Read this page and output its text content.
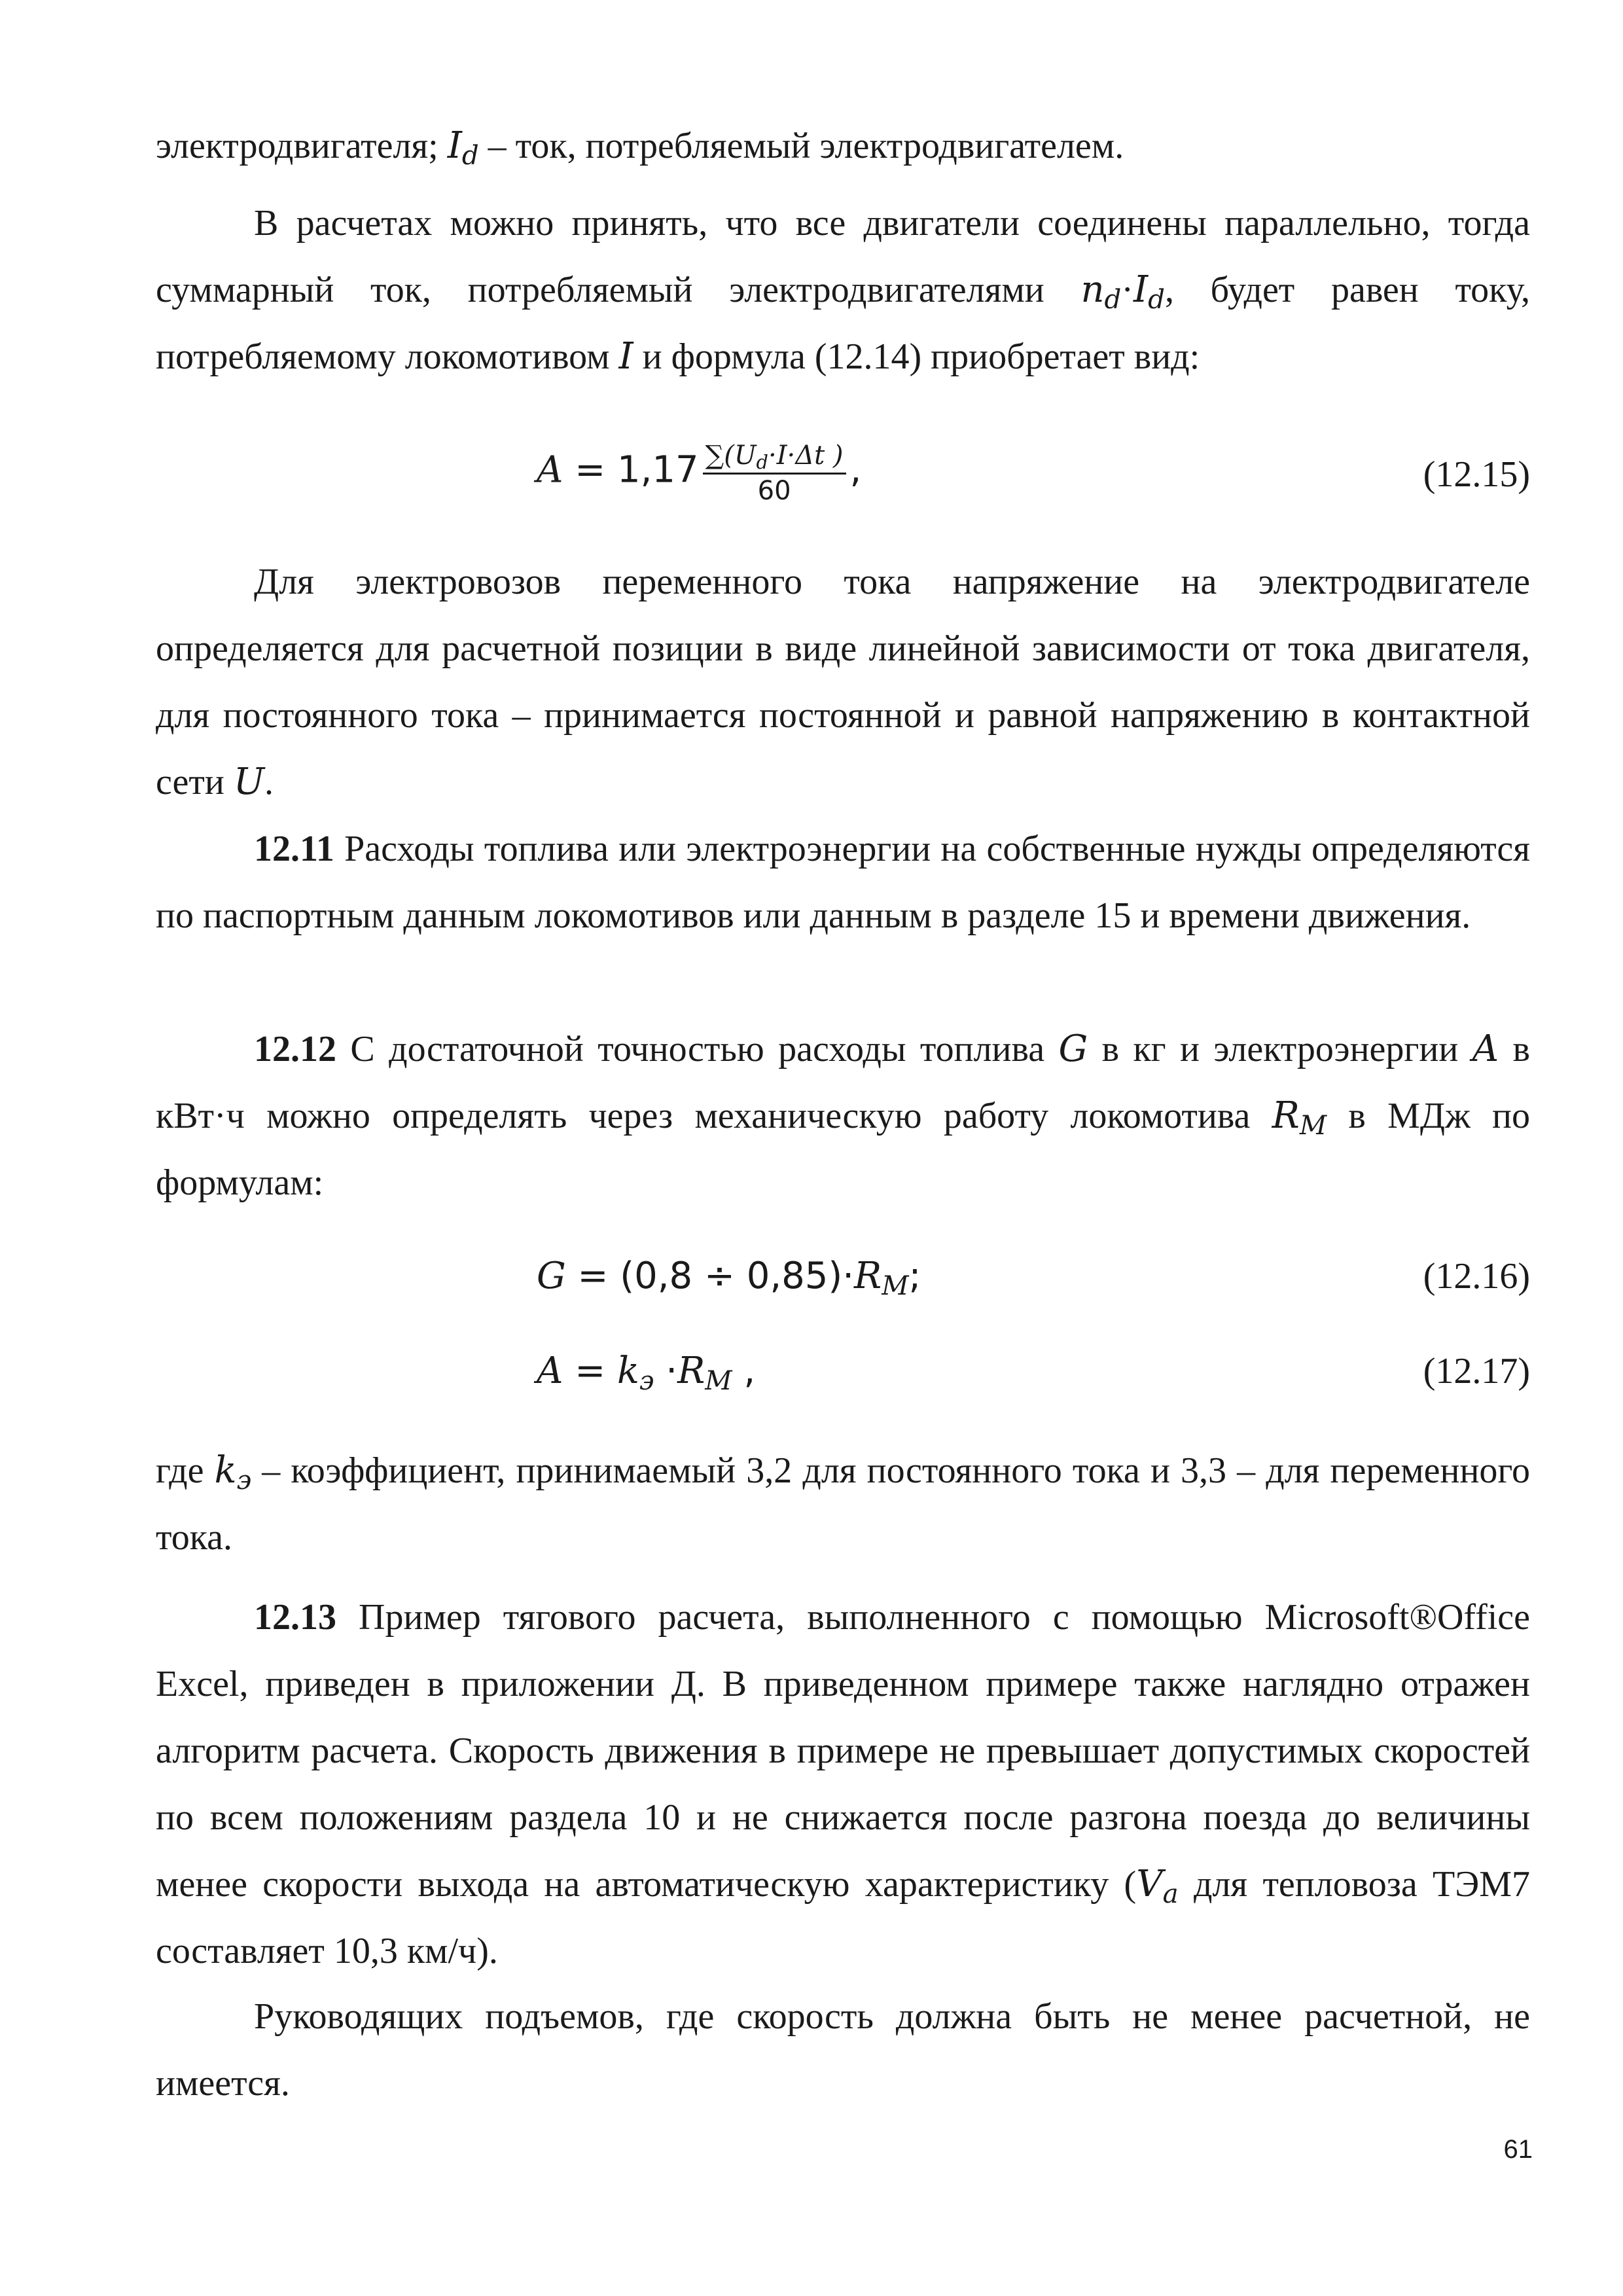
электродвигателя; $I_d$ – ток, потребляемый электродвигателем.

В расчетах можно принять, что все двигатели соединены параллельно, тогда суммарный ток, потребляемый электродвигателями $n_d\cdot I_d$, будет равен току, потребляемому локомотивом I и формула (12.14) приобретает вид:

$A = 1,17 \frac{\sum(U_d\cdot I\cdot\Delta t )}{60}$ ,	(12.15)

Для электровозов переменного тока напряжение на электродвигателе определяется для расчетной позиции в виде линейной зависимости от тока двигателя, для постоянного тока – принимается постоянной и равной напряжению в контактной сети U.

12.11 Расходы топлива или электроэнергии на собственные нужды определяются по паспортным данным локомотивов или данным в разделе 15 и времени движения.

12.12 С достаточной точностью расходы топлива G в кг и электроэнергии A в кВт·ч можно определять через механическую работу локомотива $R_M$ в МДж по формулам:

$G = (0,8 \div 0,85)\cdot R_M$;	(12.16)
$A = k_э \cdot R_M$ ,	(12.17)

где $k_э$ – коэффициент, принимаемый 3,2 для постоянного тока и 3,3 – для переменного тока.

12.13 Пример тягового расчета, выполненного с помощью Microsoft®Office Excel, приведен в приложении Д. В приведенном примере также наглядно отражен алгоритм расчета. Скорость движения в примере не превышает допустимых скоростей по всем положениям раздела 10 и не снижается после разгона поезда до величины менее скорости выхода на автоматическую характеристику ($V_a$ для тепловоза ТЭМ7 составляет 10,3 км/ч).

Руководящих подъемов, где скорость должна быть не менее расчетной, не имеется.

61
